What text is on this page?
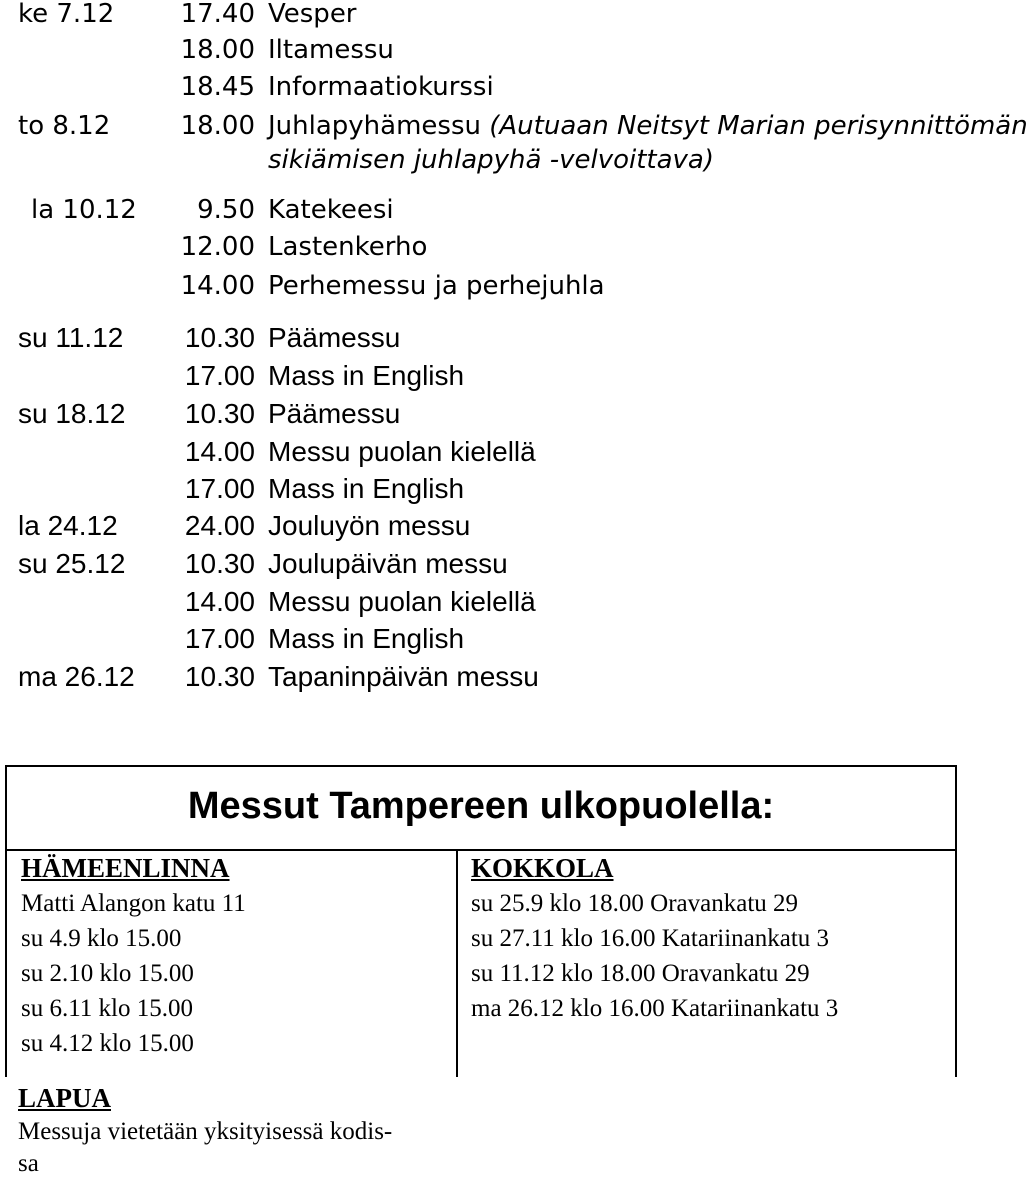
ke 7.12	17.40 Vesper
18.00 Iltamessu
18.45 Informaatiokurssi
to 8.12	18.00 Juhlapyhämessu (Autuaan Neitsyt Marian perisynnittömän
sikiämisen juhlapyhä -velvoittava)
la 10.12	9.50 Katekeesi
12.00 Lastenkerho
14.00 Perhemessu ja perhejuhla
su 11.12	10.30 Päämessu
17.00 Mass in English
su 18.12	10.30 Päämessu
14.00 Messu puolan kielellä
17.00 Mass in English
la 24.12	24.00 Jouluyön messu
su 25.12	10.30 Joulupäivän messu
14.00 Messu puolan kielellä
17.00 Mass in English
ma 26.12	10.30 Tapaninpäivän messu
Messut Tampereen ulkopuolella:
HÄMEENLINNA
Matti Alangon katu 11
su 4.9 klo 15.00
su 2.10 klo 15.00
su 6.11 klo 15.00
su 4.12 klo 15.00
KOKKOLA
su 25.9 klo 18.00 Oravankatu 29
su 27.11 klo 16.00 Katariinankatu 3
su 11.12 klo 18.00 Oravankatu 29
ma 26.12 klo 16.00 Katariinankatu 3
LAPUA
Messuja vietetään yksityisessä kodis-
sa
